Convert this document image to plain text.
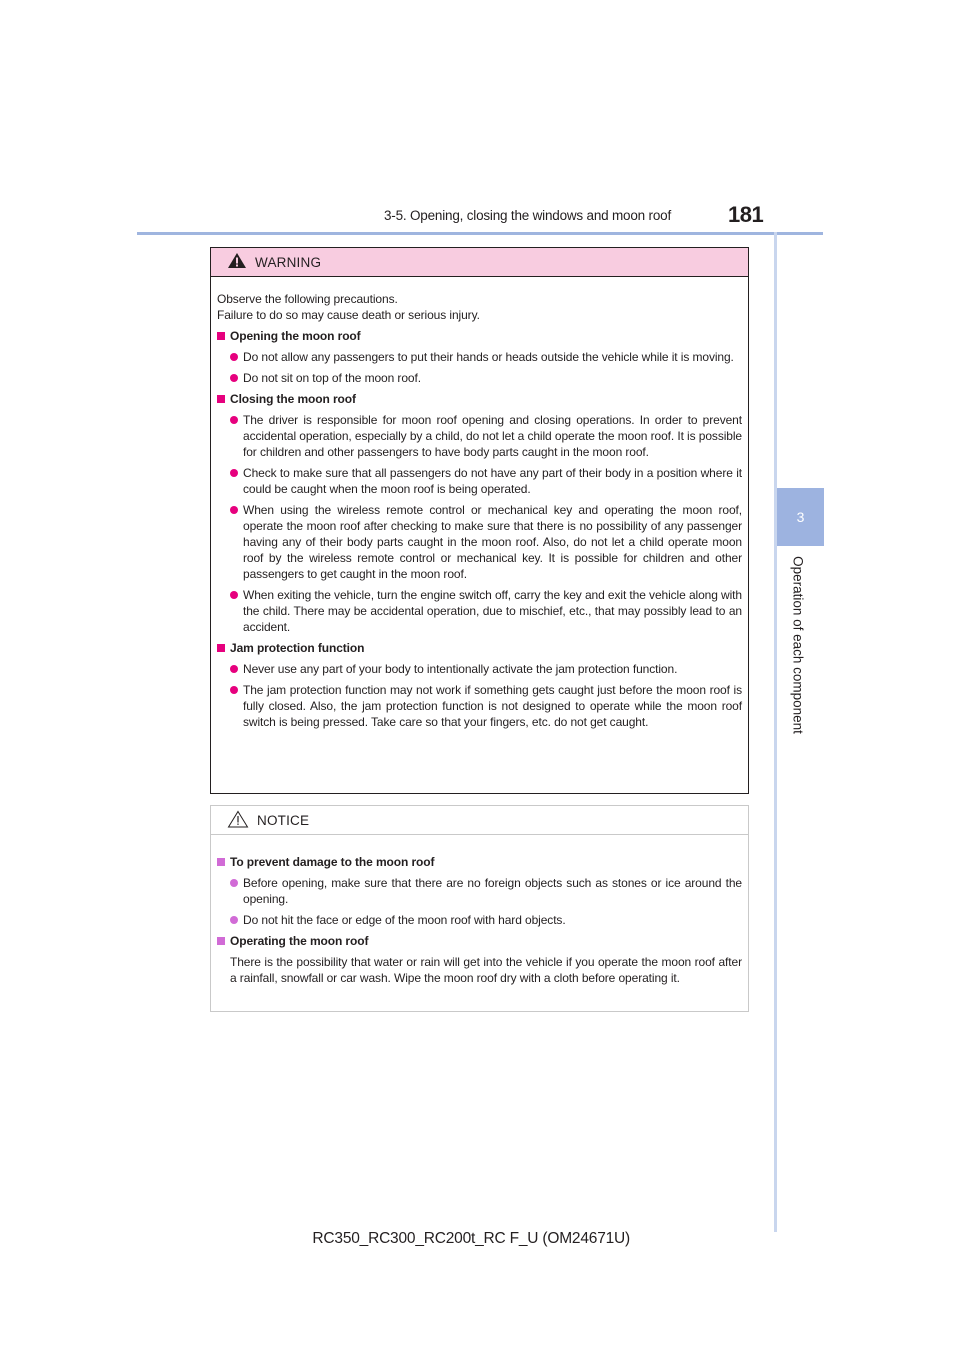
3-5. Opening, closing the windows and moon roof	181
3
Operation of each component
WARNING
Observe the following precautions.
Failure to do so may cause death or serious injury.
Opening the moon roof
Do not allow any passengers to put their hands or heads outside the vehicle while it is moving.
Do not sit on top of the moon roof.
Closing the moon roof
The driver is responsible for moon roof opening and closing operations. In order to prevent accidental operation, especially by a child, do not let a child operate the moon roof. It is possible for children and other passengers to have body parts caught in the moon roof.
Check to make sure that all passengers do not have any part of their body in a position where it could be caught when the moon roof is being operated.
When using the wireless remote control or mechanical key and operating the moon roof, operate the moon roof after checking to make sure that there is no possibility of any passenger having any of their body parts caught in the moon roof. Also, do not let a child operate moon roof by the wireless remote control or mechanical key. It is possible for children and other passengers to get caught in the moon roof.
When exiting the vehicle, turn the engine switch off, carry the key and exit the vehicle along with the child. There may be accidental operation, due to mischief, etc., that may possibly lead to an accident.
Jam protection function
Never use any part of your body to intentionally activate the jam protection function.
The jam protection function may not work if something gets caught just before the moon roof is fully closed. Also, the jam protection function is not designed to operate while the moon roof switch is being pressed. Take care so that your fingers, etc. do not get caught.
NOTICE
To prevent damage to the moon roof
Before opening, make sure that there are no foreign objects such as stones or ice around the opening.
Do not hit the face or edge of the moon roof with hard objects.
Operating the moon roof
There is the possibility that water or rain will get into the vehicle if you operate the moon roof after a rainfall, snowfall or car wash. Wipe the moon roof dry with a cloth before operating it.
RC350_RC300_RC200t_RC F_U (OM24671U)
